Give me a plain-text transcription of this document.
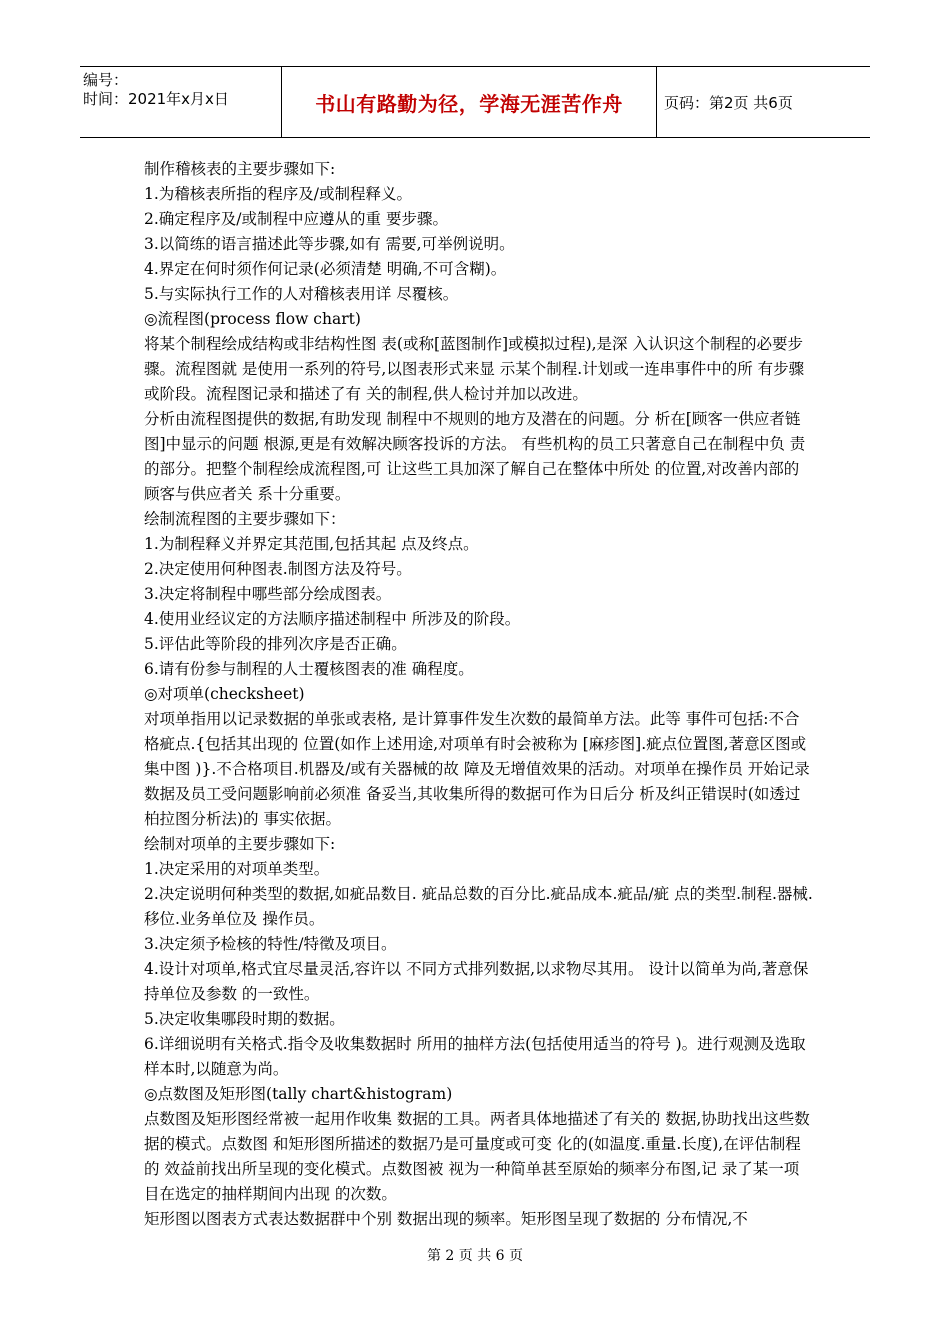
编号：
时间：2021年x月x日	书山有路勤为径，学海无涯苦作舟	页码：第2页 共6页

制作稽核表的主要步骤如下:

1.为稽核表所指的程序及/或制程释义。

2.确定程序及/或制程中应遵从的重 要步骤。

3.以简练的语言描述此等步骤,如有 需要,可举例说明。

4.界定在何时须作何记录(必须清楚 明确,不可含糊)。

5.与实际执行工作的人对稽核表用详 尽覆核。

◎流程图(process flow chart)

将某个制程绘成结构或非结构性图 表(或称[蓝图制作]或模拟过程),是深 入认识这个制程的必要步骤。流程图就 是使用一系列的符号,以图表形式来显 示某个制程.计划或一连串事件中的所 有步骤或阶段。流程图记录和描述了有 关的制程,供人检讨并加以改进。

分析由流程图提供的数据,有助发现 制程中不规则的地方及潜在的问题。分 析在[顾客一供应者链图]中显示的问题 根源,更是有效解决顾客投诉的方法。 有些机构的员工只著意自己在制程中负 责的部分。把整个制程绘成流程图,可 让这些工具加深了解自己在整体中所处 的位置,对改善内部的顾客与供应者关 系十分重要。

绘制流程图的主要步骤如下：

1.为制程释义并界定其范围,包括其起 点及终点。

2.决定使用何种图表.制图方法及符号。

3.决定将制程中哪些部分绘成图表。

4.使用业经议定的方法顺序描述制程中 所涉及的阶段。

5.评估此等阶段的排列次序是否正确。

6.请有份参与制程的人士覆核图表的准 确程度。

◎对项单(checksheet)

对项单指用以记录数据的单张或表格, 是计算事件发生次数的最简单方法。此等 事件可包括:不合格疵点.{包括其出现的 位置(如作上述用途,对项单有时会被称为 [麻疹图].疵点位置图,著意区图或集中图 )}.不合格项目.机器及/或有关器械的故 障及无增值效果的活动。对项单在操作员 开始记录数据及员工受问题影响前必须准 备妥当,其收集所得的数据可作为日后分 析及纠正错误时(如透过柏拉图分析法)的 事实依据。

绘制对项单的主要步骤如下:

1.决定采用的对项单类型。

2.决定说明何种类型的数据,如疵品数目. 疵品总数的百分比.疵品成本.疵品/疵 点的类型.制程.器械.移位.业务单位及 操作员。

3.决定须予检核的特性/特徵及项目。

4.设计对项单,格式宜尽量灵活,容许以 不同方式排列数据,以求物尽其用。 设计以简单为尚,著意保持单位及参数 的一致性。

5.决定收集哪段时期的数据。

6.详细说明有关格式.指令及收集数据时 所用的抽样方法(包括使用适当的符号 )。进行观测及选取样本时,以随意为尚。

◎点数图及矩形图(tally chart&histogram)

点数图及矩形图经常被一起用作收集 数据的工具。两者具体地描述了有关的 数据,协助找出这些数据的模式。点数图 和矩形图所描述的数据乃是可量度或可变 化的(如温度.重量.长度),在评估制程的 效益前找出所呈现的变化模式。点数图被 视为一种简单甚至原始的频率分布图,记 录了某一项目在选定的抽样期间内出现 的次数。

矩形图以图表方式表达数据群中个别 数据出现的频率。矩形图呈现了数据的 分布情况,不

第 2 页 共 6 页
